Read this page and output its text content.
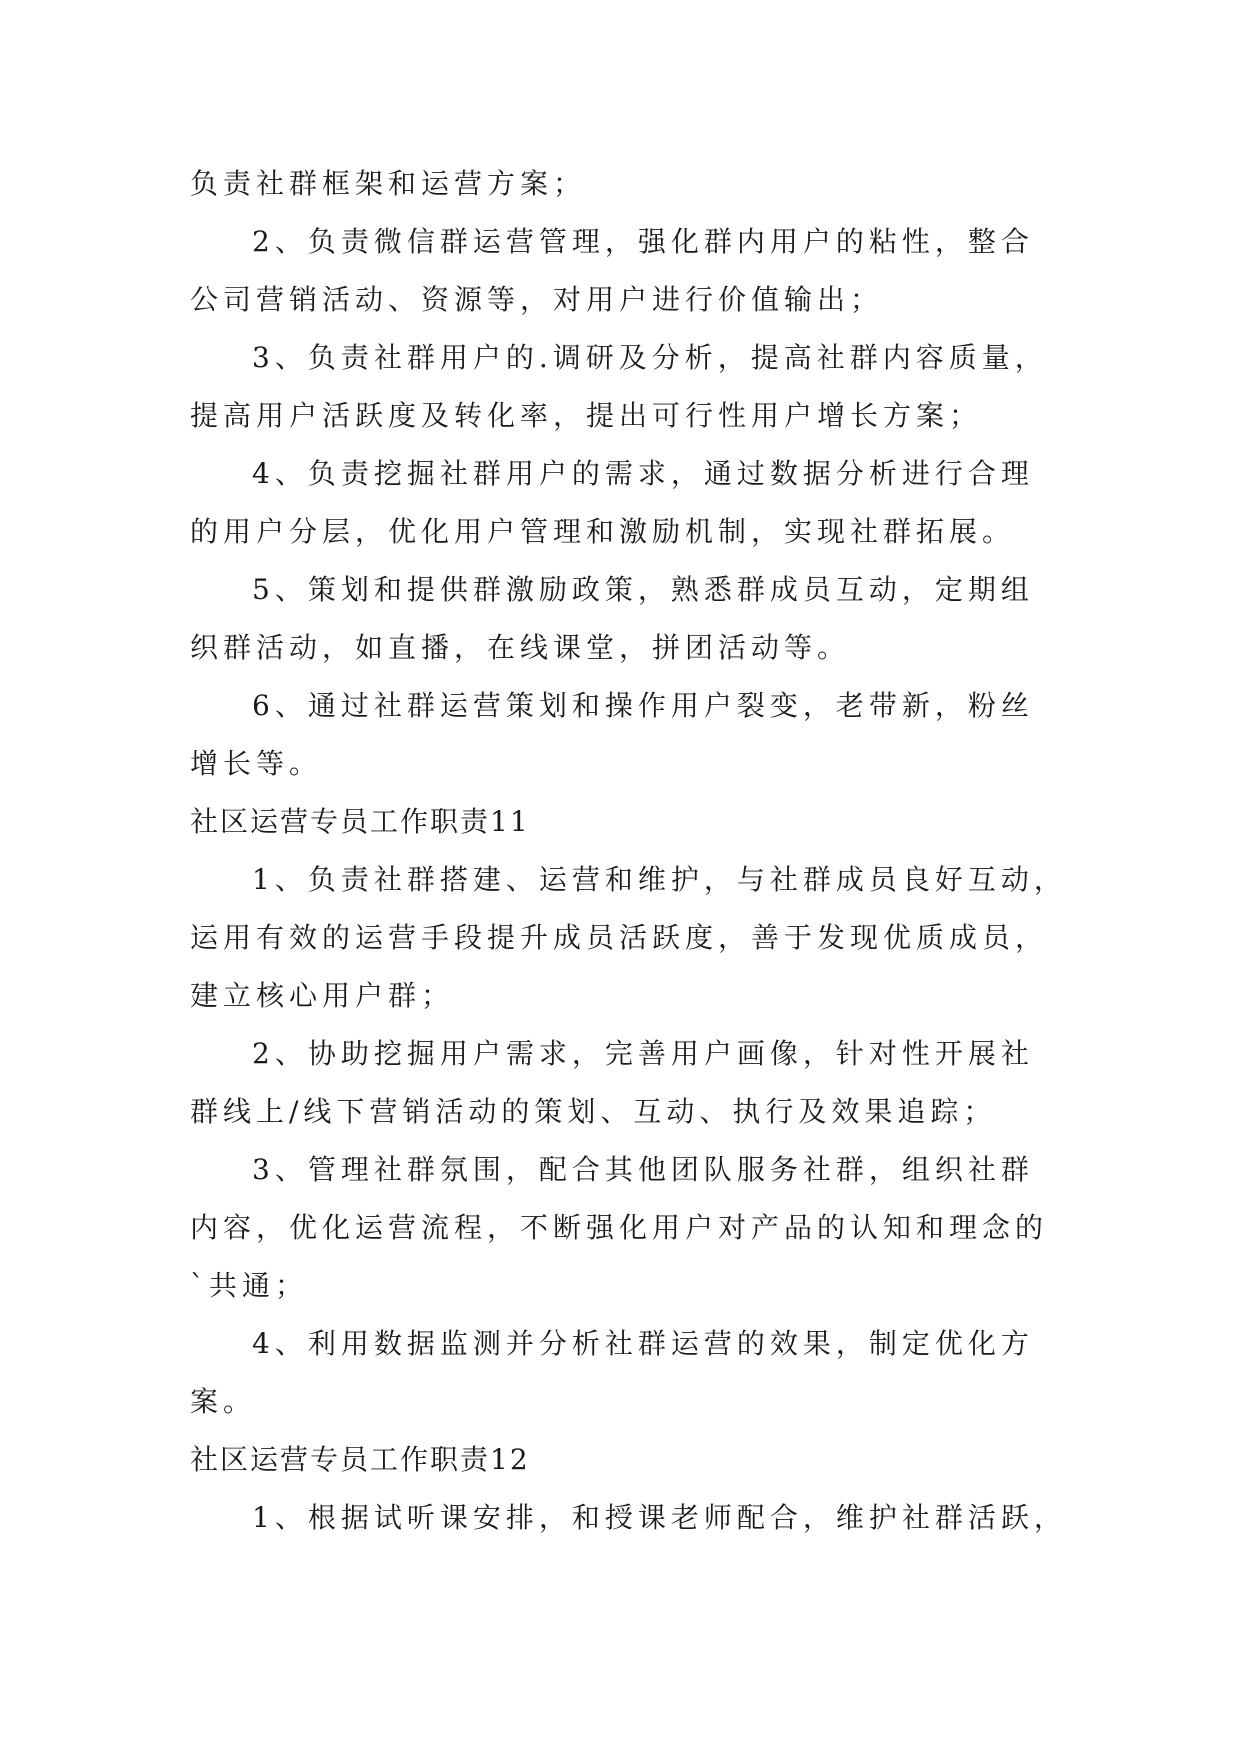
负责社群框架和运营方案；
2、负责微信群运营管理，强化群内用户的粘性，整合
公司营销活动、资源等，对用户进行价值输出；
3、负责社群用户的.调研及分析，提高社群内容质量，
提高用户活跃度及转化率，提出可行性用户增长方案；
4、负责挖掘社群用户的需求，通过数据分析进行合理
的用户分层，优化用户管理和激励机制，实现社群拓展。
5、策划和提供群激励政策，熟悉群成员互动，定期组
织群活动，如直播，在线课堂，拼团活动等。
6、通过社群运营策划和操作用户裂变，老带新，粉丝
增长等。
社区运营专员工作职责11
1、负责社群搭建、运营和维护，与社群成员良好互动，
运用有效的运营手段提升成员活跃度，善于发现优质成员，
建立核心用户群；
2、协助挖掘用户需求，完善用户画像，针对性开展社
群线上/线下营销活动的策划、互动、执行及效果追踪；
3、管理社群氛围，配合其他团队服务社群，组织社群
内容，优化运营流程，不断强化用户对产品的认知和理念的
`共通；
4、利用数据监测并分析社群运营的效果，制定优化方
案。
社区运营专员工作职责12
1、根据试听课安排，和授课老师配合，维护社群活跃，
